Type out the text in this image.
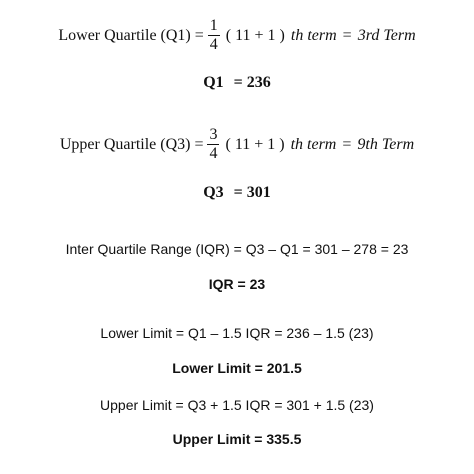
Lower Quartile $(Q1) = \frac{1}{4}$ ( 11 + 1 ) th term = 3rd Term
Q1 = 236
Upper Quartile $(Q3) = \frac{3}{4}$ ( 11 + 1 ) th term = 9th Term
Q3 = 301
Inter Quartile Range (IQR) = Q3 – Q1 = 301 – 278 = 23
IQR = 23
Lower Limit = Q1 – 1.5 IQR = 236 – 1.5 (23)
Lower Limit = 201.5
Upper Limit = Q3 + 1.5 IQR = 301 + 1.5 (23)
Upper Limit = 335.5
